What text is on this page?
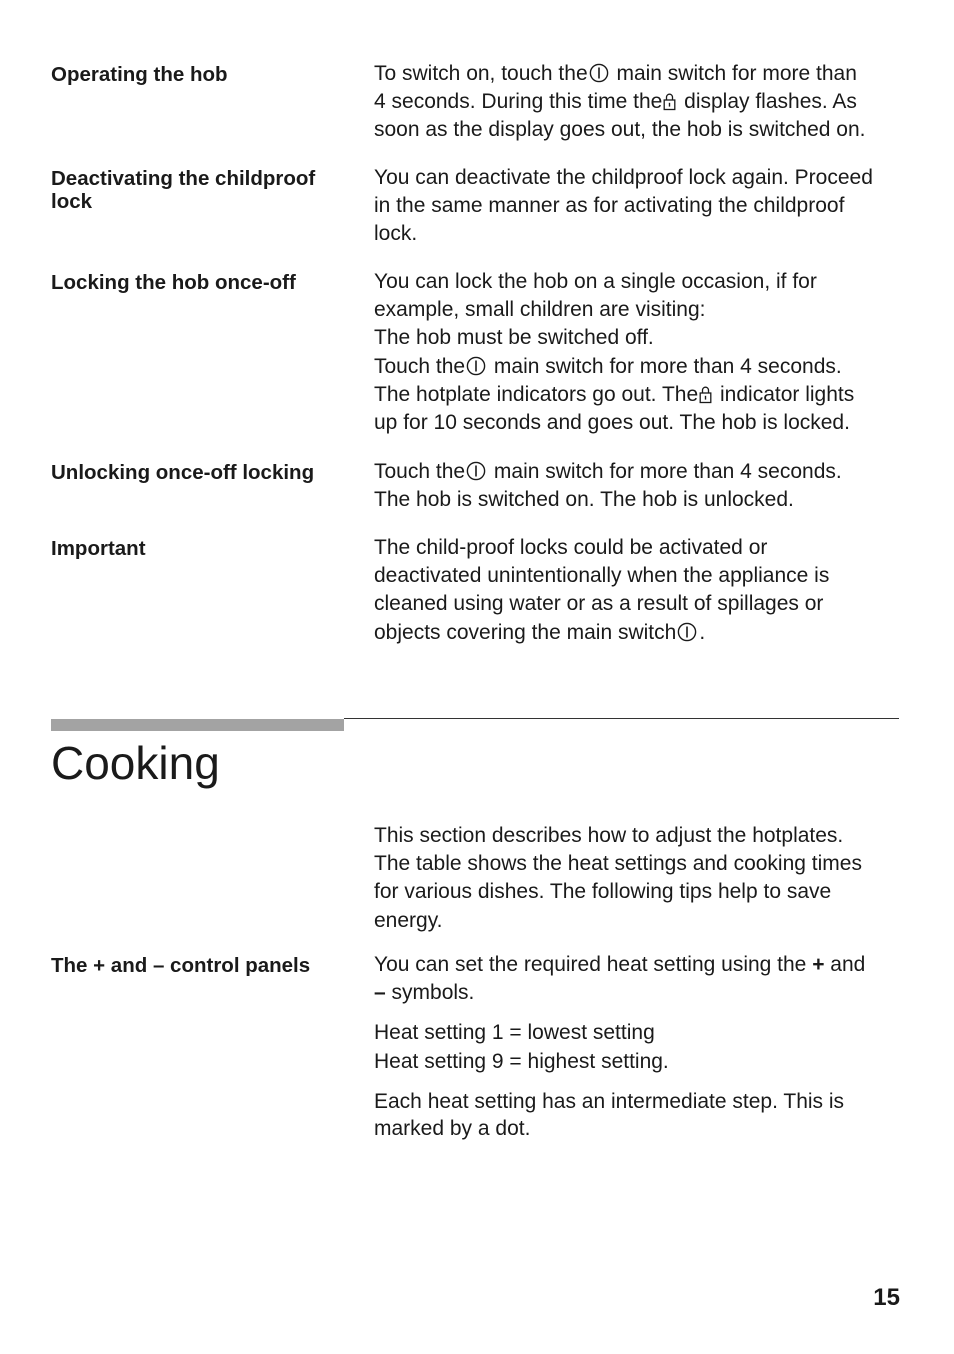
Operating the hob	To switch on, touch the
main switch for more than
4 seconds. During this time the
display flashes. As
soon as the display goes out, the hob is switched on.
Deactivating the childproof lock
You can deactivate the childproof lock again. Proceed
in the same manner as for activating the childproof
lock.
Locking the hob once-off	You can lock the hob on a single occasion, if for
example, small children are visiting:
The hob must be switched off.
Touch the
main switch for more than 4 seconds.
The hotplate indicators go out. The
indicator lights
up for 10 seconds and goes out. The hob is locked.
Unlocking once-off locking	Touch the
main switch for more than 4 seconds.
The hob is switched on. The hob is unlocked.
Important	The child-proof locks could be activated or
deactivated unintentionally when the appliance is
cleaned using water or as a result of spillages or
objects covering the main switch .
Cooking
This section describes how to adjust the hotplates.
The table shows the heat settings and cooking times
for various dishes. The following tips help to save
energy.
The + and – control panels	You can set the required heat setting using the + and
– symbols.
Heat setting 1 = lowest setting
Heat setting 9 = highest setting.
Each heat setting has an intermediate step. This is
marked by a dot.
15
